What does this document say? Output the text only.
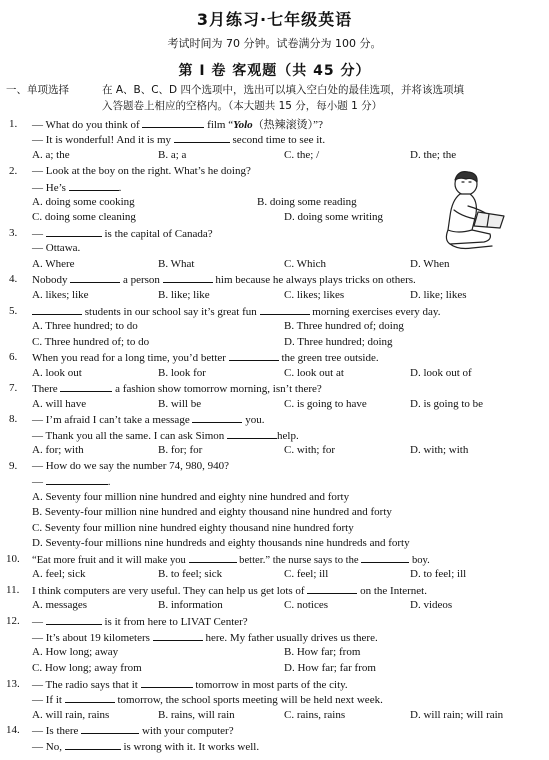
3月练习·七年级英语
考试时间为 70 分钟。试卷满分为 100 分。
第 I 卷 客观题（共 45 分）
一、单项选择	在 A、B、C、D 四个选项中，选出可以填入空白处的最佳选项，并将该选项填
入答题卷上相应的空格内。（本大题共 15 分，每小题 1 分）
1. — What do you think of	film “Yolo（热辣滚烫）”?
— It is wonderful! And it is my	second time to see it.
A. a; the	B. a; a	C. the; /	D. the; the
2. — Look at the boy on the right. What’s he doing?
— He’s	.
A. doing some cooking	B. doing some reading
C. doing some cleaning	D. doing some writing
3. —	is the capital of Canada?
— Ottawa.
A. Where	B. What	C. Which	D. When
4. Nobody	a person	him because he always plays tricks on others.
A. likes; like	B. like; like	C. likes; likes	D. like; likes
5.	students in our school say it’s great fun	morning exercises every day.
A. Three hundred; to do	B. Three hundred of; doing
C. Three hundred of; to do	D. Three hundred; doing
6. When you read for a long time, you’d better	the green tree outside.
A. look out	B. look for	C. look out at	D. look out of
7. There	a fashion show tomorrow morning, isn’t there?
A. will have	B. will be	C. is going to have	D. is going to be
8. — I’m afraid I can’t take a message	you.
— Thank you all the same. I can ask Simon	help.
A. for; with	B. for; for	C. with; for	D. with; with
9. — How do we say the number 74, 980, 940?
—	.
A. Seventy four million nine hundred and eighty nine hundred and forty
B. Seventy-four million nine hundred and eighty thousand nine hundred and forty
C. Seventy four million nine hundred eighty thousand nine hundred forty
D. Seventy-four millions nine hundreds and eighty thousands nine hundreds and forty
10. “Eat more fruit and it will make you	better.” the nurse says to the	boy.
A. feel; sick	B. to feel; sick	C. feel; ill	D. to feel; ill
11. I think computers are very useful. They can help us get lots of	on the Internet.
A. messages	B. information	C. notices	D. videos
12. —	is it from here to LIVAT Center?
— It’s about 19 kilometers	here. My father usually drives us there.
A. How long; away	B. How far; from
C. How long; away from	D. How far; far from
13. — The radio says that it	tomorrow in most parts of the city.
— If it	tomorrow, the school sports meeting will be held next week.
A. will rain, rains	B. rains, will rain	C. rains, rains	D. will rain; will rain
14. — Is there	with your computer?
— No,	is wrong with it. It works well.
